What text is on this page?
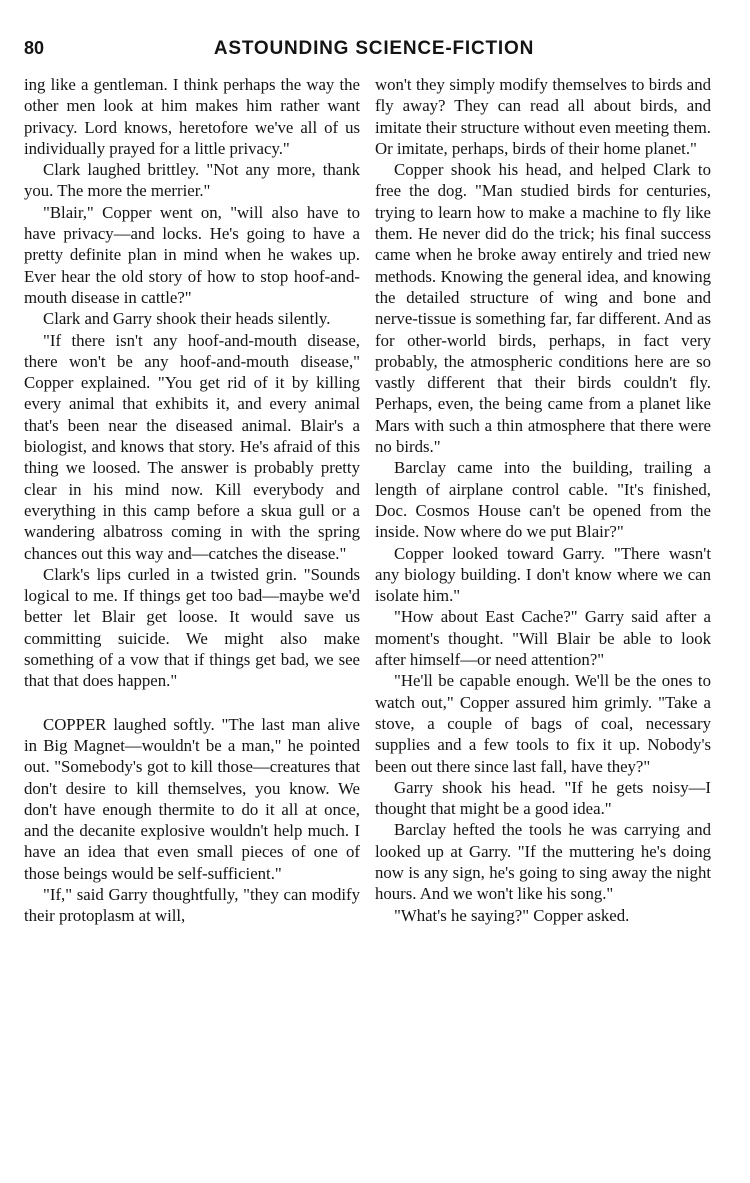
80	ASTOUNDING SCIENCE-FICTION

ing like a gentleman. I think perhaps the way the other men look at him makes him rather want privacy. Lord knows, heretofore we've all of us individually prayed for a little privacy."

Clark laughed brittley. "Not any more, thank you. The more the merrier."

"Blair," Copper went on, "will also have to have privacy—and locks. He's going to have a pretty definite plan in mind when he wakes up. Ever hear the old story of how to stop hoof-and-mouth disease in cattle?"

Clark and Garry shook their heads silently.

"If there isn't any hoof-and-mouth disease, there won't be any hoof-and-mouth disease," Copper explained. "You get rid of it by killing every animal that exhibits it, and every animal that's been near the diseased animal. Blair's a biologist, and knows that story. He's afraid of this thing we loosed. The answer is probably pretty clear in his mind now. Kill everybody and everything in this camp before a skua gull or a wandering albatross coming in with the spring chances out this way and—catches the disease."

Clark's lips curled in a twisted grin. "Sounds logical to me. If things get too bad—maybe we'd better let Blair get loose. It would save us committing suicide. We might also make something of a vow that if things get bad, we see that that does happen."

COPPER laughed softly. "The last man alive in Big Magnet—wouldn't be a man," he pointed out. "Somebody's got to kill those—creatures that don't desire to kill themselves, you know. We don't have enough thermite to do it all at once, and the decanite explosive wouldn't help much. I have an idea that even small pieces of one of those beings would be self-sufficient."

"If," said Garry thoughtfully, "they can modify their protoplasm at will,

won't they simply modify themselves to birds and fly away? They can read all about birds, and imitate their structure without even meeting them. Or imitate, perhaps, birds of their home planet."

Copper shook his head, and helped Clark to free the dog. "Man studied birds for centuries, trying to learn how to make a machine to fly like them. He never did do the trick; his final success came when he broke away entirely and tried new methods. Knowing the general idea, and knowing the detailed structure of wing and bone and nerve-tissue is something far, far different. And as for other-world birds, perhaps, in fact very probably, the atmospheric conditions here are so vastly different that their birds couldn't fly. Perhaps, even, the being came from a planet like Mars with such a thin atmosphere that there were no birds."

Barclay came into the building, trailing a length of airplane control cable. "It's finished, Doc. Cosmos House can't be opened from the inside. Now where do we put Blair?"

Copper looked toward Garry. "There wasn't any biology building. I don't know where we can isolate him."

"How about East Cache?" Garry said after a moment's thought. "Will Blair be able to look after himself—or need attention?"

"He'll be capable enough. We'll be the ones to watch out," Copper assured him grimly. "Take a stove, a couple of bags of coal, necessary supplies and a few tools to fix it up. Nobody's been out there since last fall, have they?"

Garry shook his head. "If he gets noisy—I thought that might be a good idea."

Barclay hefted the tools he was carrying and looked up at Garry. "If the muttering he's doing now is any sign, he's going to sing away the night hours. And we won't like his song."

"What's he saying?" Copper asked.
